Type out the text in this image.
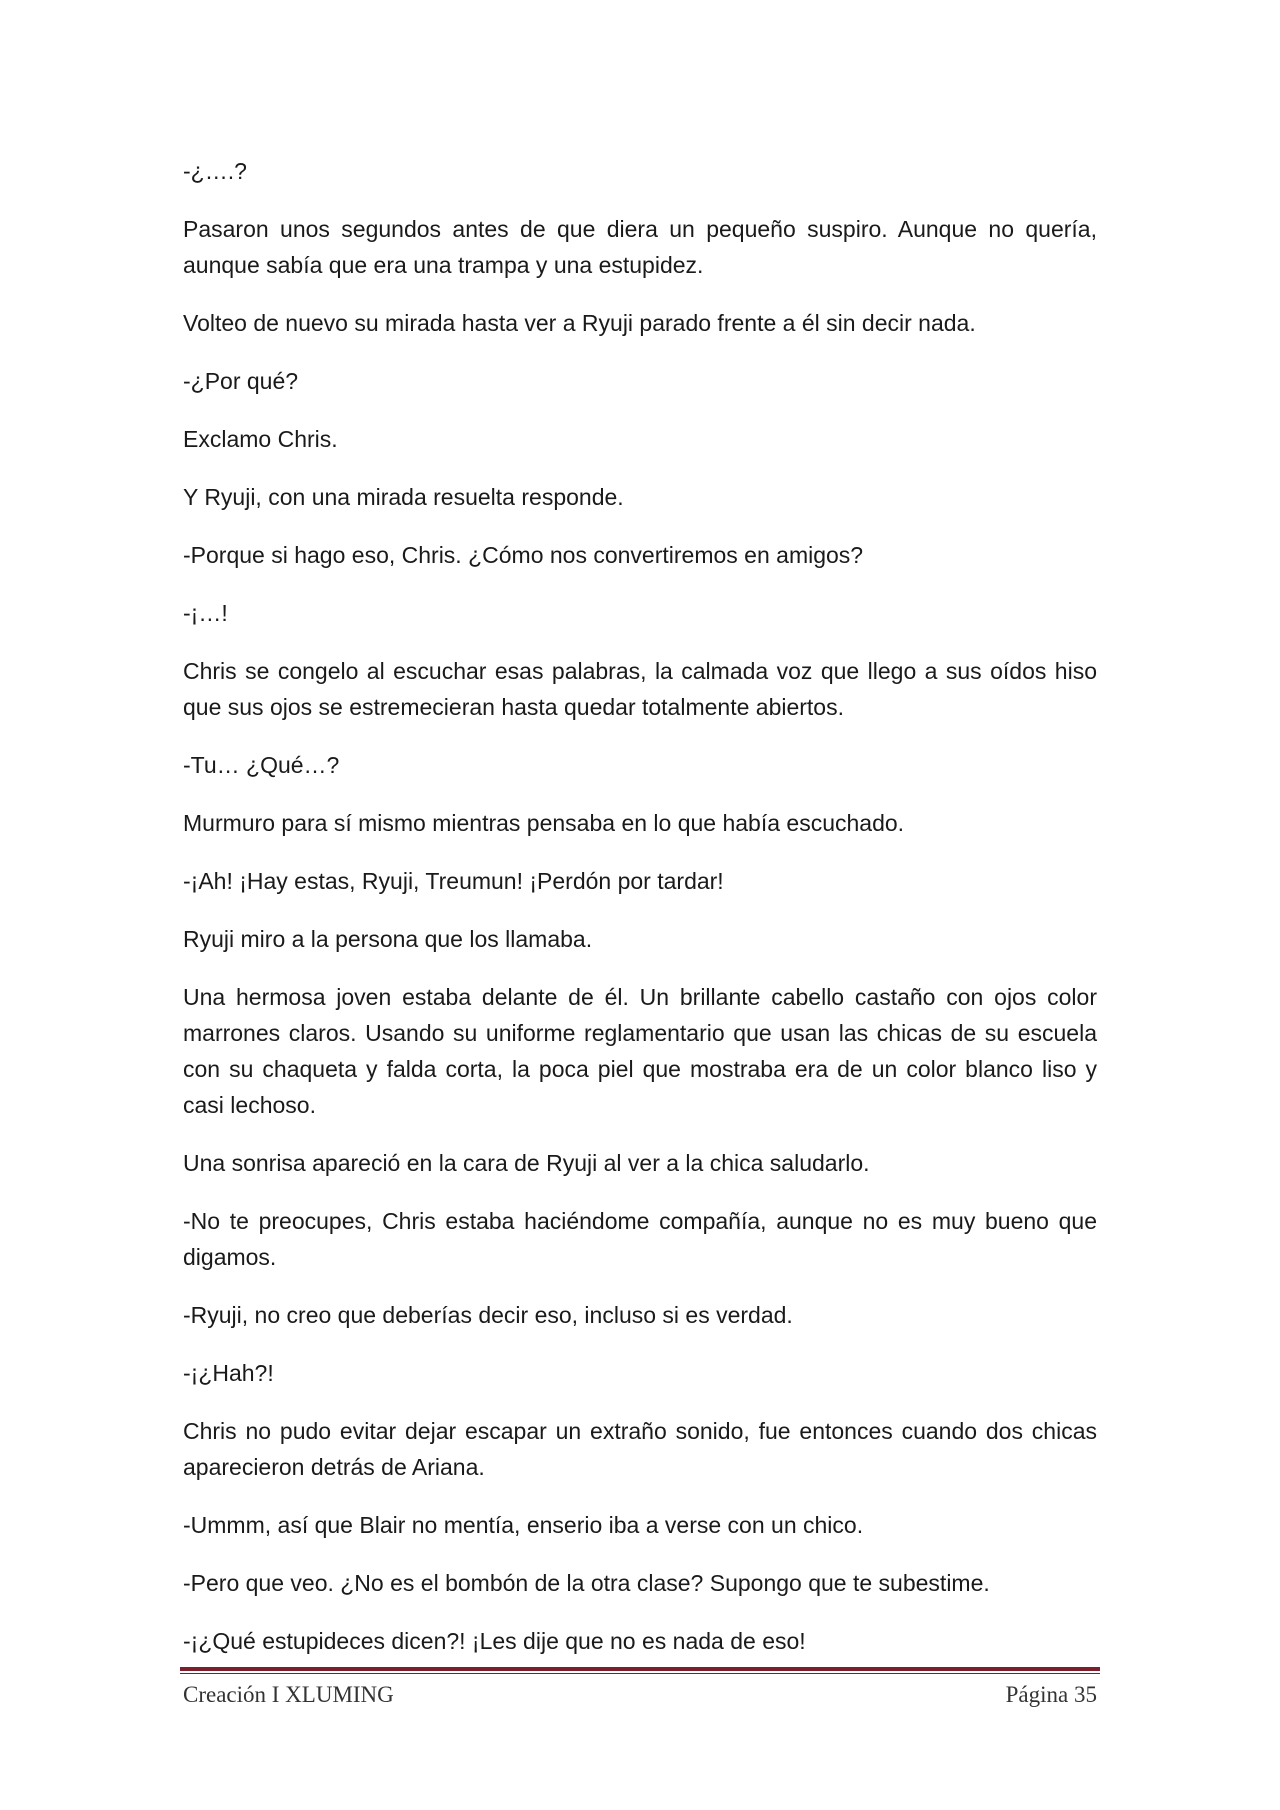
-¿….?

Pasaron unos segundos antes de que diera un pequeño suspiro. Aunque no quería, aunque sabía que era una trampa y una estupidez.

Volteo de nuevo su mirada hasta ver a Ryuji parado frente a él sin decir nada.

-¿Por qué?

Exclamo Chris.

Y Ryuji, con una mirada resuelta responde.

-Porque si hago eso, Chris. ¿Cómo nos convertiremos en amigos?

-¡…!

Chris se congelo al escuchar esas palabras, la calmada voz que llego a sus oídos hiso que sus ojos se estremecieran hasta quedar totalmente abiertos.

-Tu… ¿Qué…?

Murmuro para sí mismo mientras pensaba en lo que había escuchado.

-¡Ah! ¡Hay estas, Ryuji, Treumun! ¡Perdón por tardar!

Ryuji miro a la persona que los llamaba.

Una hermosa joven estaba delante de él. Un brillante cabello castaño con ojos color marrones claros. Usando su uniforme reglamentario que usan las chicas de su escuela con su chaqueta y falda corta, la poca piel que mostraba era de un color blanco liso y casi lechoso.

Una sonrisa apareció en la cara de Ryuji al ver a la chica saludarlo.

-No te preocupes, Chris estaba haciéndome compañía, aunque no es muy bueno que digamos.

-Ryuji, no creo que deberías decir eso, incluso si es verdad.

-¡¿Hah?!

Chris no pudo evitar dejar escapar un extraño sonido, fue entonces cuando dos chicas aparecieron detrás de Ariana.

-Ummm, así que Blair no mentía, enserio iba a verse con un chico.

-Pero que veo. ¿No es el bombón de la otra clase? Supongo que te subestime.

-¡¿Qué estupideces dicen?! ¡Les dije que no es nada de eso!

Creación I XLUMING	Página 35
